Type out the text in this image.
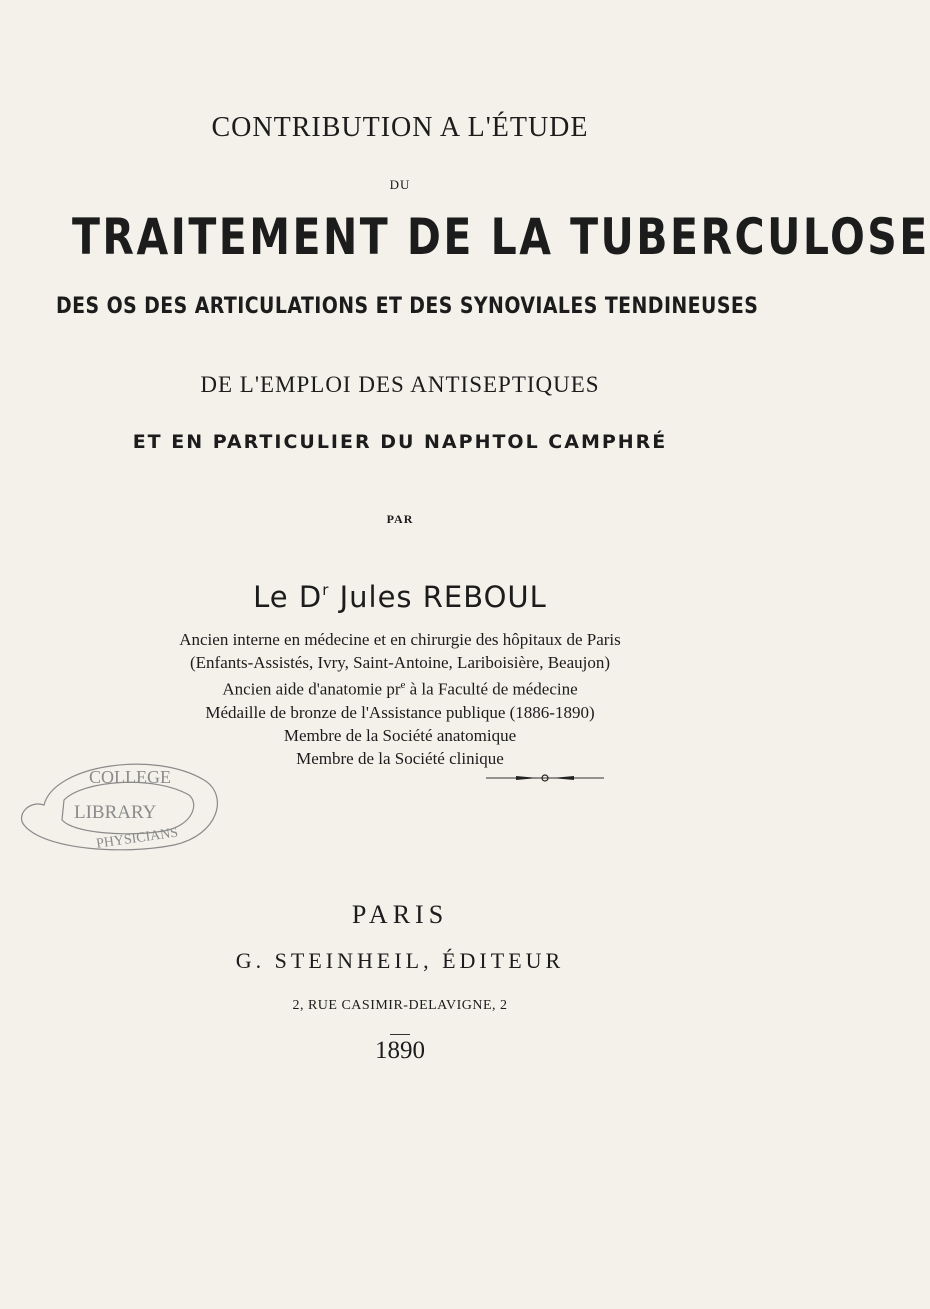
CONTRIBUTION A L'ÉTUDE
DU
TRAITEMENT DE LA TUBERCULOSE
DES OS DES ARTICULATIONS ET DES SYNOVIALES TENDINEUSES
DE L'EMPLOI DES ANTISEPTIQUES
ET EN PARTICULIER DU NAPHTOL CAMPHRÉ
PAR
Le $D^r$ Jules REBOUL
Ancien interne en médecine et en chirurgie des hôpitaux de Paris
(Enfants-Assistés, Ivry, Saint-Antoine, Lariboisière, Beaujon)
Ancien aide d'anatomie $pr^e$ à la Faculté de médecine
Médaille de bronze de l'Assistance publique (1886-1890)
Membre de la Société anatomique
Membre de la Société clinique
COLLEGE
LIBRARY
PHYSICIANS
PARIS
G. STEINHEIL, ÉDITEUR
2, RUE CASIMIR-DELAVIGNE, 2
1890
